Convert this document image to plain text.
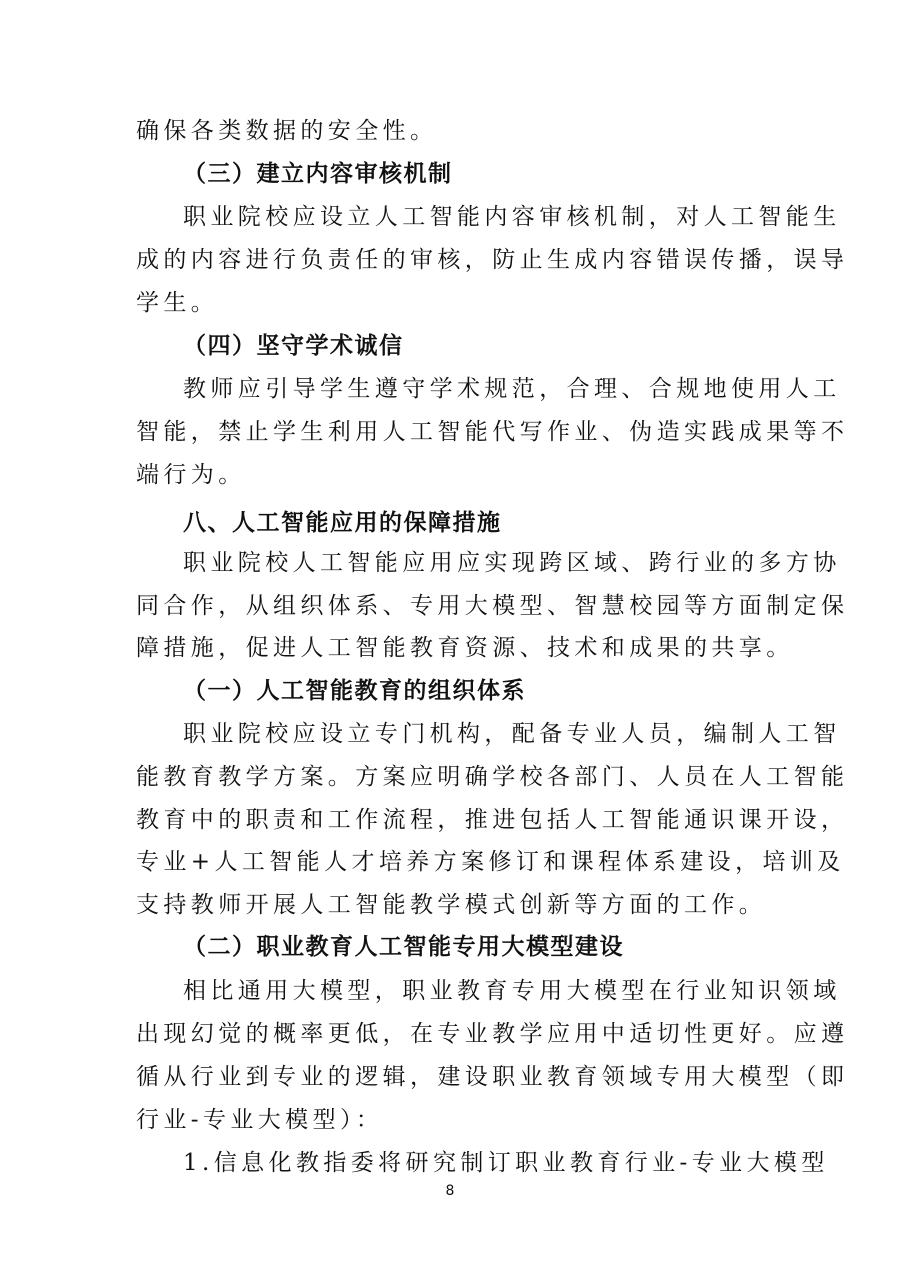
确保各类数据的安全性。
（三）建立内容审核机制
职业院校应设立人工智能内容审核机制，对人工智能生
成的内容进行负责任的审核，防止生成内容错误传播，误导
学生。
（四）坚守学术诚信
教师应引导学生遵守学术规范，合理、合规地使用人工
智能，禁止学生利用人工智能代写作业、伪造实践成果等不
端行为。
八、人工智能应用的保障措施
职业院校人工智能应用应实现跨区域、跨行业的多方协
同合作，从组织体系、专用大模型、智慧校园等方面制定保
障措施，促进人工智能教育资源、技术和成果的共享。
（一）人工智能教育的组织体系
职业院校应设立专门机构，配备专业人员，编制人工智
能教育教学方案。方案应明确学校各部门、人员在人工智能
教育中的职责和工作流程，推进包括人工智能通识课开设，
专业+人工智能人才培养方案修订和课程体系建设，培训及
支持教师开展人工智能教学模式创新等方面的工作。
（二）职业教育人工智能专用大模型建设
相比通用大模型，职业教育专用大模型在行业知识领域
出现幻觉的概率更低，在专业教学应用中适切性更好。应遵
循从行业到专业的逻辑，建设职业教育领域专用大模型（即
行业-专业大模型）：
1.信息化教指委将研究制订职业教育行业-专业大模型
8
